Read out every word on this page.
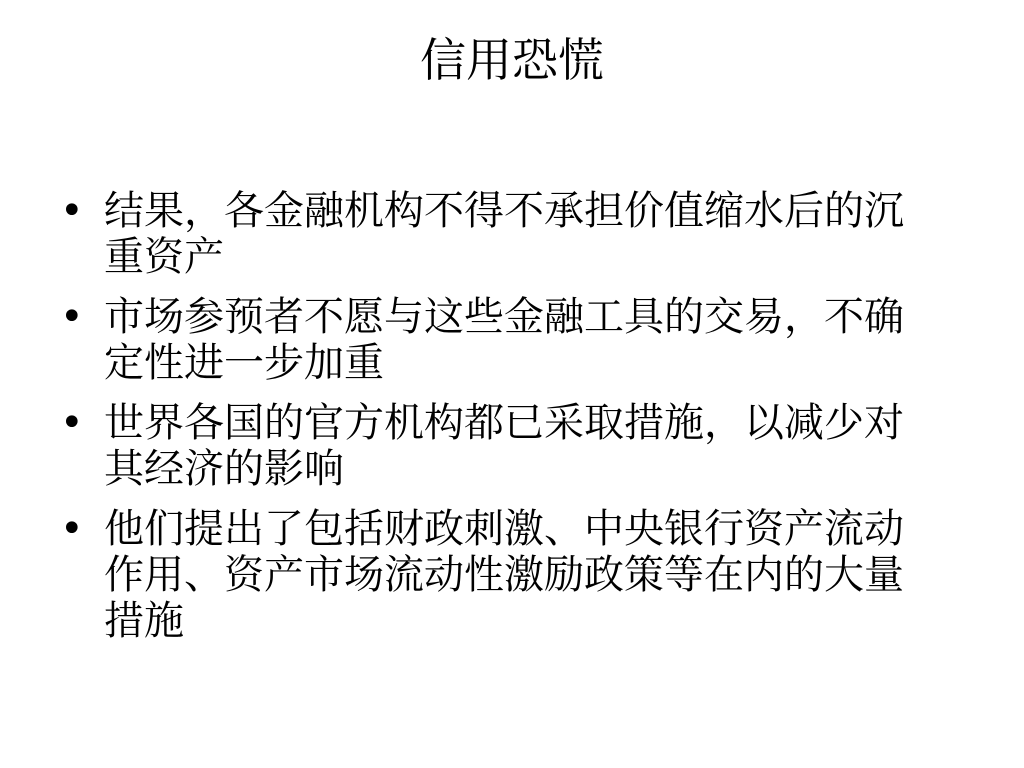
信用恐慌
• 结果，各金融机构不得不承担价值缩水后的沉重资产
• 市场参预者不愿与这些金融工具的交易，不确定性进一步加重
• 世界各国的官方机构都已采取措施，以减少对其经济的影响
• 他们提出了包括财政刺激、中央银行资产流动作用、资产市场流动性激励政策等在内的大量措施
